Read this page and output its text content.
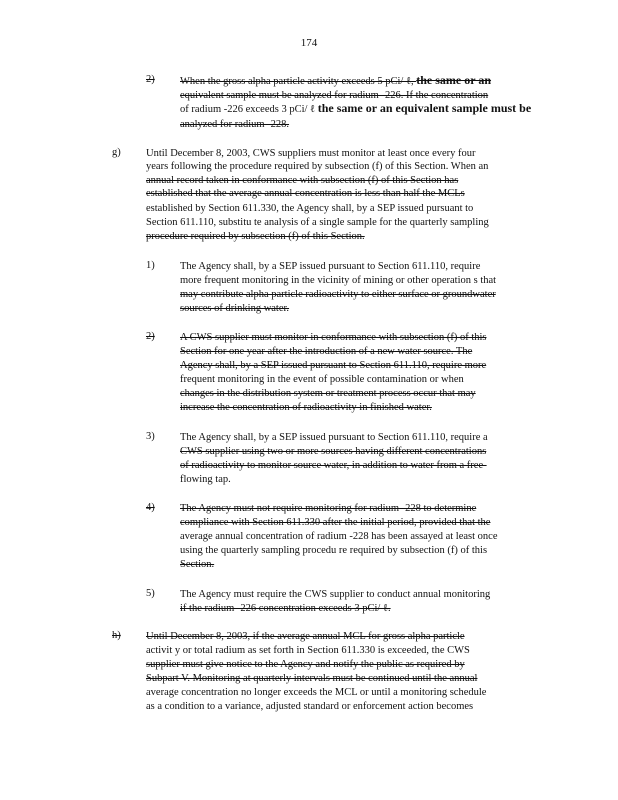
174
2) When the gross alpha particle activity exceeds 5 pCi/ ℓ, the same or an
equivalent sample must be analyzed for radium -226. If the concentration
of radium -226 exceeds 3 pCi/ ℓ the same or an equivalent sample must be
analyzed for radium -228.
g) Until December 8, 2003, CWS suppliers must monitor at least once every four
years following the procedure required by subsection (f) of this Section. When an
annual record taken in conformance with subsection (f) of this Section has
established that the average annual concentration is less than half the MCLs
established by Section 611.330, the Agency shall, by a SEP issued pursuant to
Section 611.110, substitu te analysis of a single sample for the quarterly sampling
procedure required by subsection (f) of this Section.
1) The Agency shall, by a SEP issued pursuant to Section 611.110, require
more frequent monitoring in the vicinity of mining or other operation s that
may contribute alpha particle radioactivity to either surface or groundwater
sources of drinking water.
2) A CWS supplier must monitor in conformance with subsection (f) of this
Section for one year after the introduction of a new water source. The
Agency shall, by a SEP issued pursuant to Section 611.110, require more
frequent monitoring in the event of possible contamination or when
changes in the distribution system or treatment process occur that may
increase the concentration of radioactivity in finished water.
3) The Agency shall, by a SEP issued pursuant to Section 611.110, require a
CWS supplier using two or more sources having different concentrations
of radioactivity to monitor source water, in addition to water from a free-
flowing tap.
4) The Agency must not require monitoring for radium -228 to determine
compliance with Section 611.330 after the initial period, provided that the
average annual concentration of radium -228 has been assayed at least once
using the quarterly sampling procedu re required by subsection (f) of this
Section.
5) The Agency must require the CWS supplier to conduct annual monitoring
if the radium -226 concentration exceeds 3 pCi/ ℓ.
h) Until December 8, 2003, if the average annual MCL for gross alpha particle
activit y or total radium as set forth in Section 611.330 is exceeded, the CWS
supplier must give notice to the Agency and notify the public as required by
Subpart V. Monitoring at quarterly intervals must be continued until the annual
average concentration no longer exceeds the MCL or until a monitoring schedule
as a condition to a variance, adjusted standard or enforcement action becomes
